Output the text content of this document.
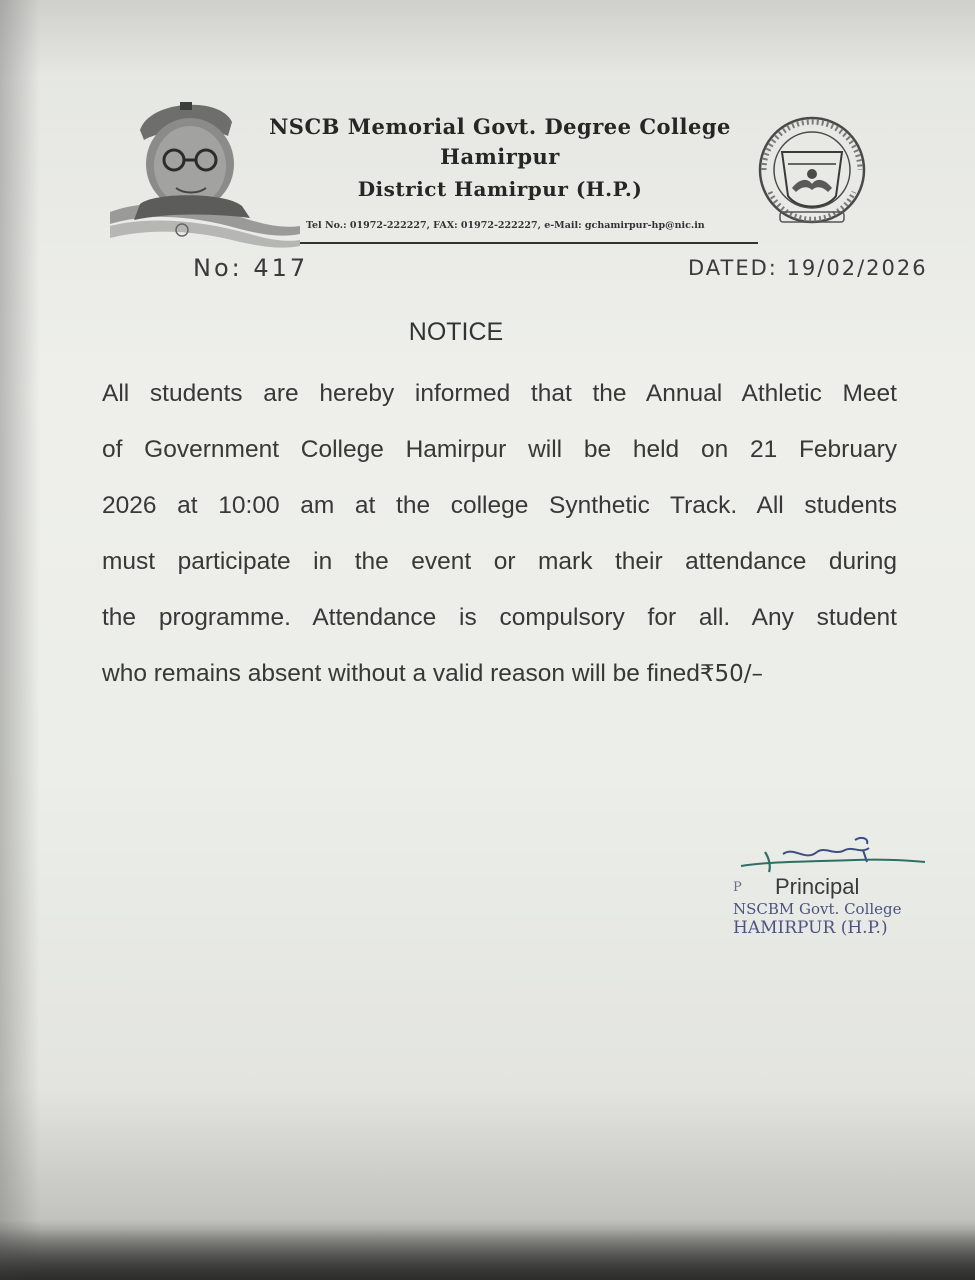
NSCB Memorial Govt. Degree College
Hamirpur
District Hamirpur (H.P.)
Tel No.: 01972-222227, FAX: 01972-222227, e-Mail: gchamirpur-hp@nic.in
No: 417	DATED: 19/02/2026
NOTICE
All students are hereby informed that the Annual Athletic Meet
of Government College Hamirpur will be held on 21 February
2026 at 10:00 am at the college Synthetic Track. All students
must participate in the event or mark their attendance during
the programme. Attendance is compulsory for all. Any student
who remains absent without a valid reason will be fined₹50/–
P Principal
NSCBM Govt. College
HAMIRPUR (H.P.)
